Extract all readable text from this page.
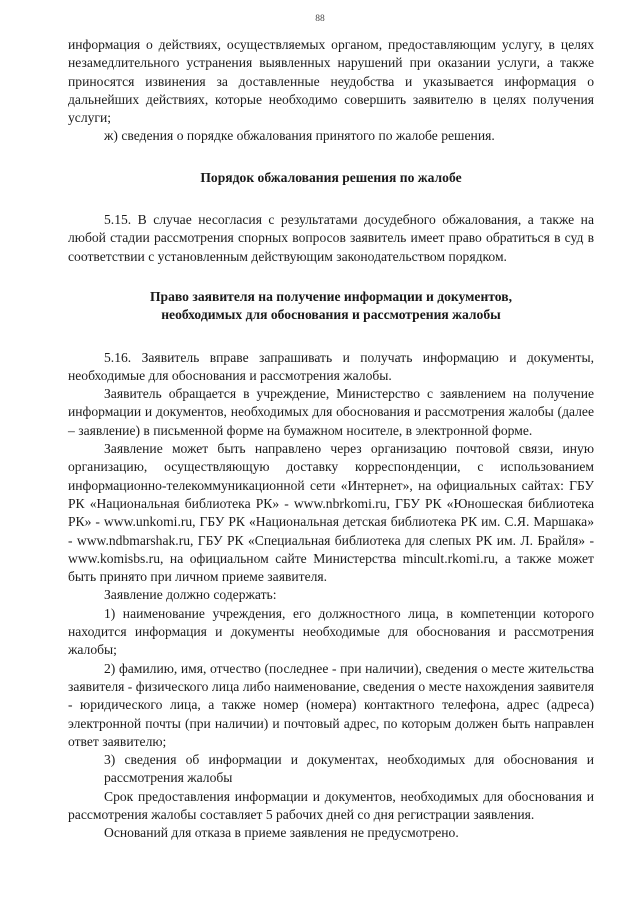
88

информация о действиях, осуществляемых органом, предоставляющим услугу, в целях незамедлительного устранения выявленных нарушений при оказании услуги, а также приносятся извинения за доставленные неудобства и указывается информация о дальнейших действиях, которые необходимо совершить заявителю в целях получения услуги;

ж) сведения о порядке обжалования принятого по жалобе решения.

Порядок обжалования решения по жалобе

5.15. В случае несогласия с результатами досудебного обжалования, а также на любой стадии рассмотрения спорных вопросов заявитель имеет право обратиться в суд в соответствии с установленным действующим законодательством порядком.

Право заявителя на получение информации и документов,
необходимых для обоснования и рассмотрения жалобы

5.16. Заявитель вправе запрашивать и получать информацию и документы, необходимые для обоснования и рассмотрения жалобы.

Заявитель обращается в учреждение, Министерство с заявлением на получение информации и документов, необходимых для обоснования и рассмотрения жалобы (далее – заявление) в письменной форме на бумажном носителе, в электронной форме.

Заявление может быть направлено через организацию почтовой связи, иную организацию, осуществляющую доставку корреспонденции, с использованием информационно-телекоммуникационной сети «Интернет», на официальных сайтах: ГБУ РК «Национальная библиотека РК» - www.nbrkomi.ru, ГБУ РК «Юношеская библиотека РК» - www.unkomi.ru, ГБУ РК «Национальная детская библиотека РК им. С.Я. Маршака» - www.ndbmarshak.ru, ГБУ РК «Специальная библиотека для слепых РК им. Л. Брайля» - www.komisbs.ru, на официальном сайте Министерства mincult.rkomi.ru, а также может быть принято при личном приеме заявителя.

Заявление должно содержать:

1) наименование учреждения, его должностного лица, в компетенции которого находится информация и документы необходимые для обоснования и рассмотрения жалобы;

2) фамилию, имя, отчество (последнее - при наличии), сведения о месте жительства заявителя - физического лица либо наименование, сведения о месте нахождения заявителя - юридического лица, а также номер (номера) контактного телефона, адрес (адреса) электронной почты (при наличии) и почтовый адрес, по которым должен быть направлен ответ заявителю;

3) сведения об информации и документах, необходимых для обоснования и рассмотрения жалобы

Срок предоставления информации и документов, необходимых для обоснования и рассмотрения жалобы составляет 5 рабочих дней со дня регистрации заявления.

Оснований для отказа в приеме заявления не предусмотрено.
